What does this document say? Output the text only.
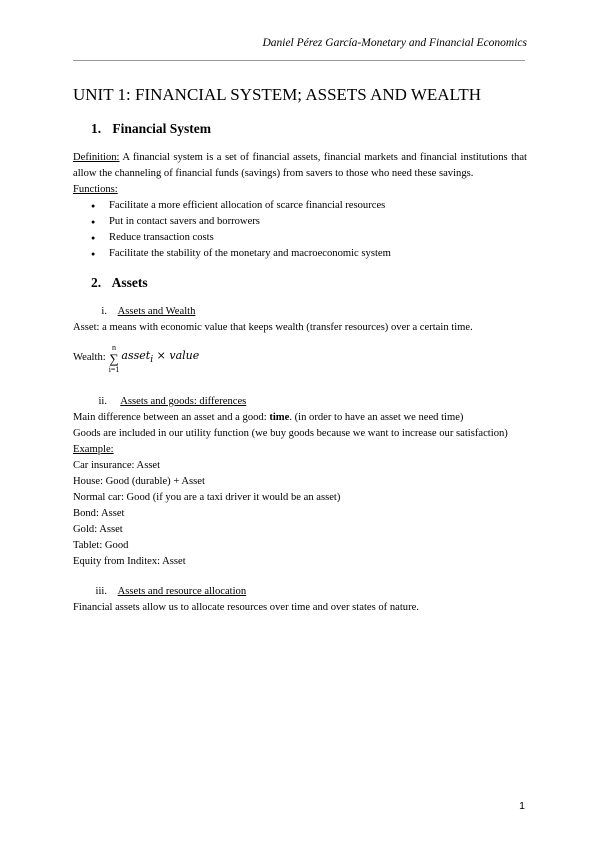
Daniel Pérez García-Monetary and Financial Economics
UNIT 1: FINANCIAL SYSTEM; ASSETS AND WEALTH
1. Financial System

Definition: A financial system is a set of financial assets, financial markets and financial institutions that allow the channeling of financial funds (savings) from savers to those who need these savings.

Functions:
● Facilitate a more efficient allocation of scarce financial resources
● Put in contact savers and borrowers
● Reduce transaction costs
● Facilitate the stability of the monetary and macroeconomic system
2. Assets
i. Assets and Wealth

Asset: a means with economic value that keeps wealth (transfer resources) over a certain time.

Wealth:
n
∑
i=1
asset$_i$ × value
ii. Assets and goods: differences

Main difference between an asset and a good: time. (in order to have an asset we need time)

Goods are included in our utility function (we buy goods because we want to increase our satisfaction)

Example:
Car insurance: Asset
House: Good (durable) + Asset
Normal car: Good (if you are a taxi driver it would be an asset)
Bond: Asset
Gold: Asset
Tablet: Good
Equity from Inditex: Asset
iii. Assets and resource allocation

Financial assets allow us to allocate resources over time and over states of nature.

1
